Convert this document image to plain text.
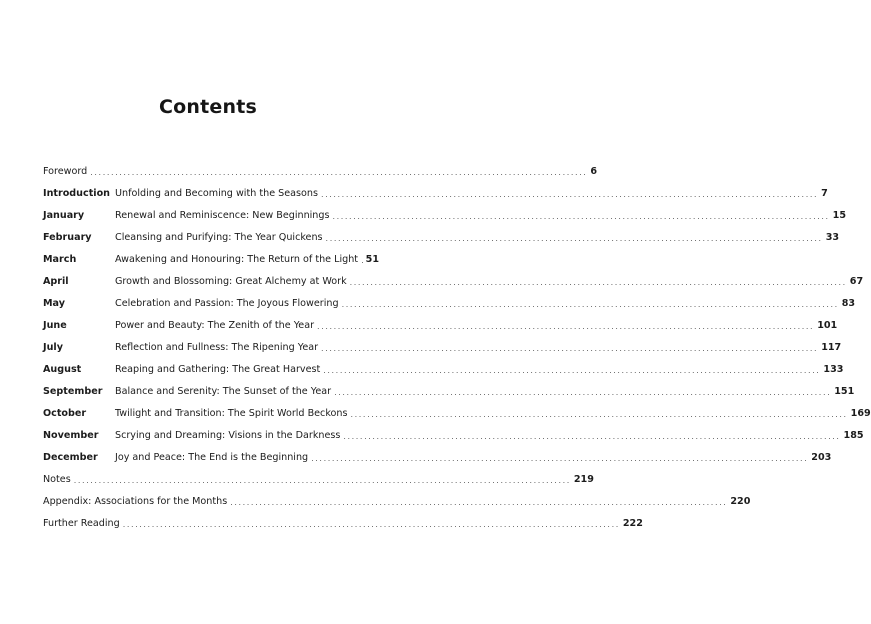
Contents
Foreword ........................................................................................................................ 6
Introduction Unfolding and Becoming with the Seasons ........................................................................................................................ 7
January	Renewal and Reminiscence: New Beginnings ........................................................................................................................ 15
February	Cleansing and Purifying: The Year Quickens ........................................................................................................................ 33
March	Awakening and Honouring: The Return of the Light 51
April	Growth and Blossoming: Great Alchemy at Work ........................................................................................................................ 67
May	Celebration and Passion: The Joyous Flowering ........................................................................................................................ 83
June	Power and Beauty: The Zenith of the Year ........................................................................................................................ 101
July	Reflection and Fullness: The Ripening Year ........................................................................................................................ 117
August	Reaping and Gathering: The Great Harvest ........................................................................................................................ 133
September	Balance and Serenity: The Sunset of the Year ........................................................................................................................ 151
October	Twilight and Transition: The Spirit World Beckons ........................................................................................................................ 169
November	Scrying and Dreaming: Visions in the Darkness ........................................................................................................................ 185
December	Joy and Peace: The End is the Beginning ........................................................................................................................ 203
Notes ........................................................................................................................ 219
Appendix: Associations for the Months ........................................................................................................................ 220
Further Reading ........................................................................................................................ 222
